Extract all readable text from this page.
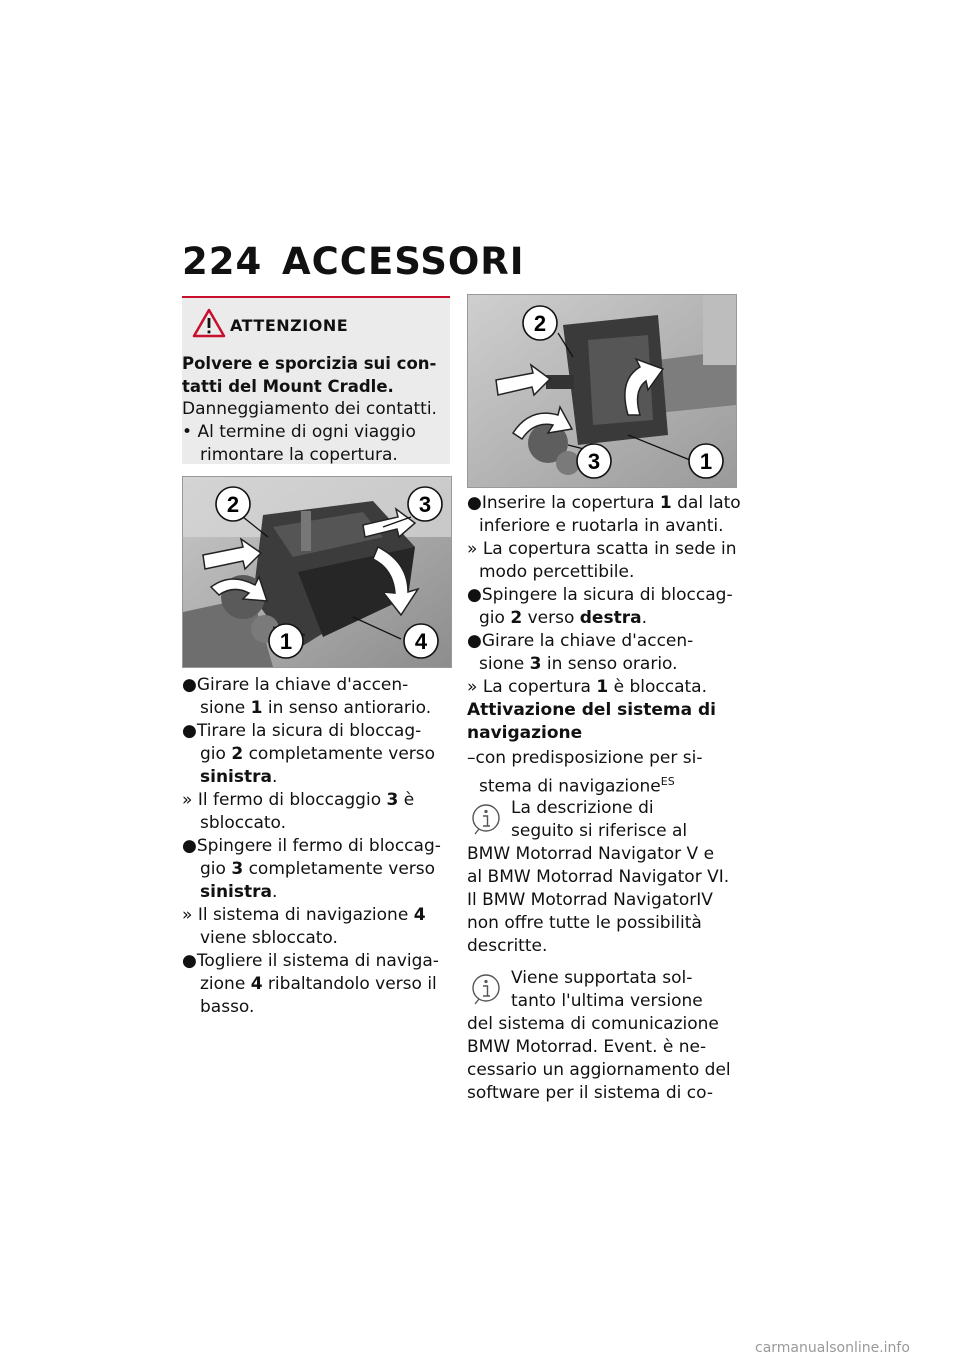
224 ACCESSORI
ATTENZIONE
Polvere e sporcizia sui con-
tatti del Mount Cradle.
Danneggiamento dei contatti.
• Al termine di ogni viaggio
rimontare la copertura.
2	3
1	4
●Girare la chiave d'accen-
sione 1 in senso antiorario.
●Tirare la sicura di bloccag-
gio 2 completamente verso
sinistra.
» Il fermo di bloccaggio 3 è
sbloccato.
●Spingere il fermo di bloccag-
gio 3 completamente verso
sinistra.
» Il sistema di navigazione 4
viene sbloccato.
●Togliere il sistema di naviga-
zione 4 ribaltandolo verso il
basso.
2
3	1
●Inserire la copertura 1 dal lato
inferiore e ruotarla in avanti.
» La copertura scatta in sede in
modo percettibile.
●Spingere la sicura di bloccag-
gio 2 verso destra.
●Girare la chiave d'accen-
sione 3 in senso orario.
» La copertura 1 è bloccata.
Attivazione del sistema di
navigazione
–con predisposizione per si-
stema di navigazione$^{ES}$
La descrizione di
seguito si riferisce al
BMW Motorrad Navigator V e
al BMW Motorrad Navigator VI.
Il BMW Motorrad NavigatorIV
non offre tutte le possibilità
descritte.
Viene supportata sol-
tanto l'ultima versione
del sistema di comunicazione
BMW Motorrad. Event. è ne-
cessario un aggiornamento del
software per il sistema di co-
carmanualsonline.info
